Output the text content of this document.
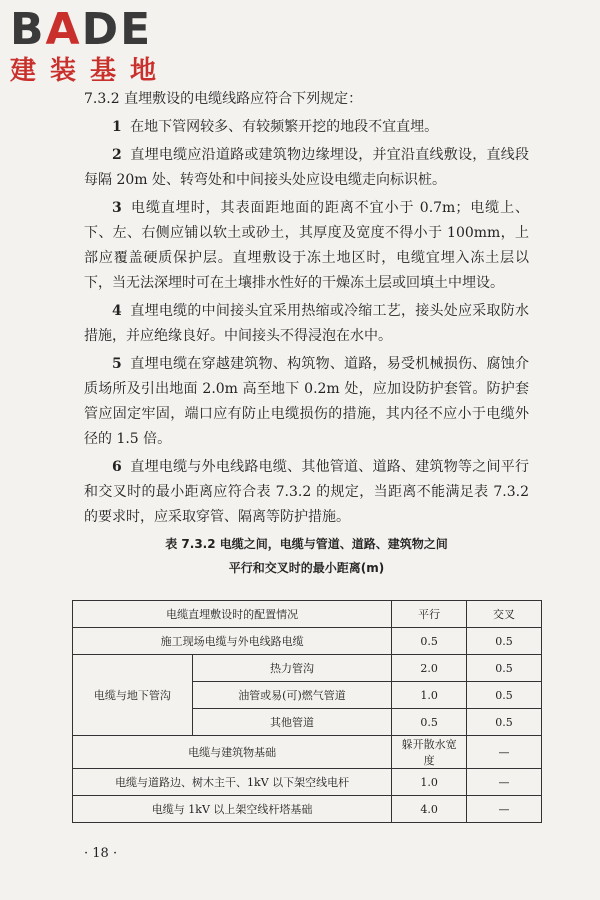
BADE
建装基地

7.3.2 直埋敷设的电缆线路应符合下列规定：

1 在地下管网较多、有较频繁开挖的地段不宜直埋。

2 直埋电缆应沿道路或建筑物边缘埋设，并宜沿直线敷设，直线段每隔 20m 处、转弯处和中间接头处应设电缆走向标识桩。

3 电缆直埋时，其表面距地面的距离不宜小于 0.7m；电缆上、下、左、右侧应铺以软土或砂土，其厚度及宽度不得小于 100mm，上部应覆盖硬质保护层。直埋敷设于冻土地区时，电缆宜埋入冻土层以下，当无法深埋时可在土壤排水性好的干燥冻土层或回填土中埋设。

4 直埋电缆的中间接头宜采用热缩或冷缩工艺，接头处应采取防水措施，并应绝缘良好。中间接头不得浸泡在水中。

5 直埋电缆在穿越建筑物、构筑物、道路，易受机械损伤、腐蚀介质场所及引出地面 2.0m 高至地下 0.2m 处，应加设防护套管。防护套管应固定牢固，端口应有防止电缆损伤的措施，其内径不应小于电缆外径的 1.5 倍。

6 直埋电缆与外电线路电缆、其他管道、道路、建筑物等之间平行和交叉时的最小距离应符合表 7.3.2 的规定，当距离不能满足表 7.3.2 的要求时，应采取穿管、隔离等防护措施。

表 7.3.2 电缆之间，电缆与管道、道路、建筑物之间
平行和交叉时的最小距离(m)
电缆直埋敷设时的配置情况		平行	交叉
施工现场电缆与外电线路电缆		0.5	0.5
电缆与地下管沟	热力管沟	2.0	0.5
	油管或易(可)燃气管道	1.0	0.5
	其他管道	0.5	0.5
电缆与建筑物基础		躲开散水宽度	—
电缆与道路边、树木主干、1kV 以下架空线电杆		1.0	—
电缆与 1kV 以上架空线杆塔基础		4.0	—
· 18 ·
